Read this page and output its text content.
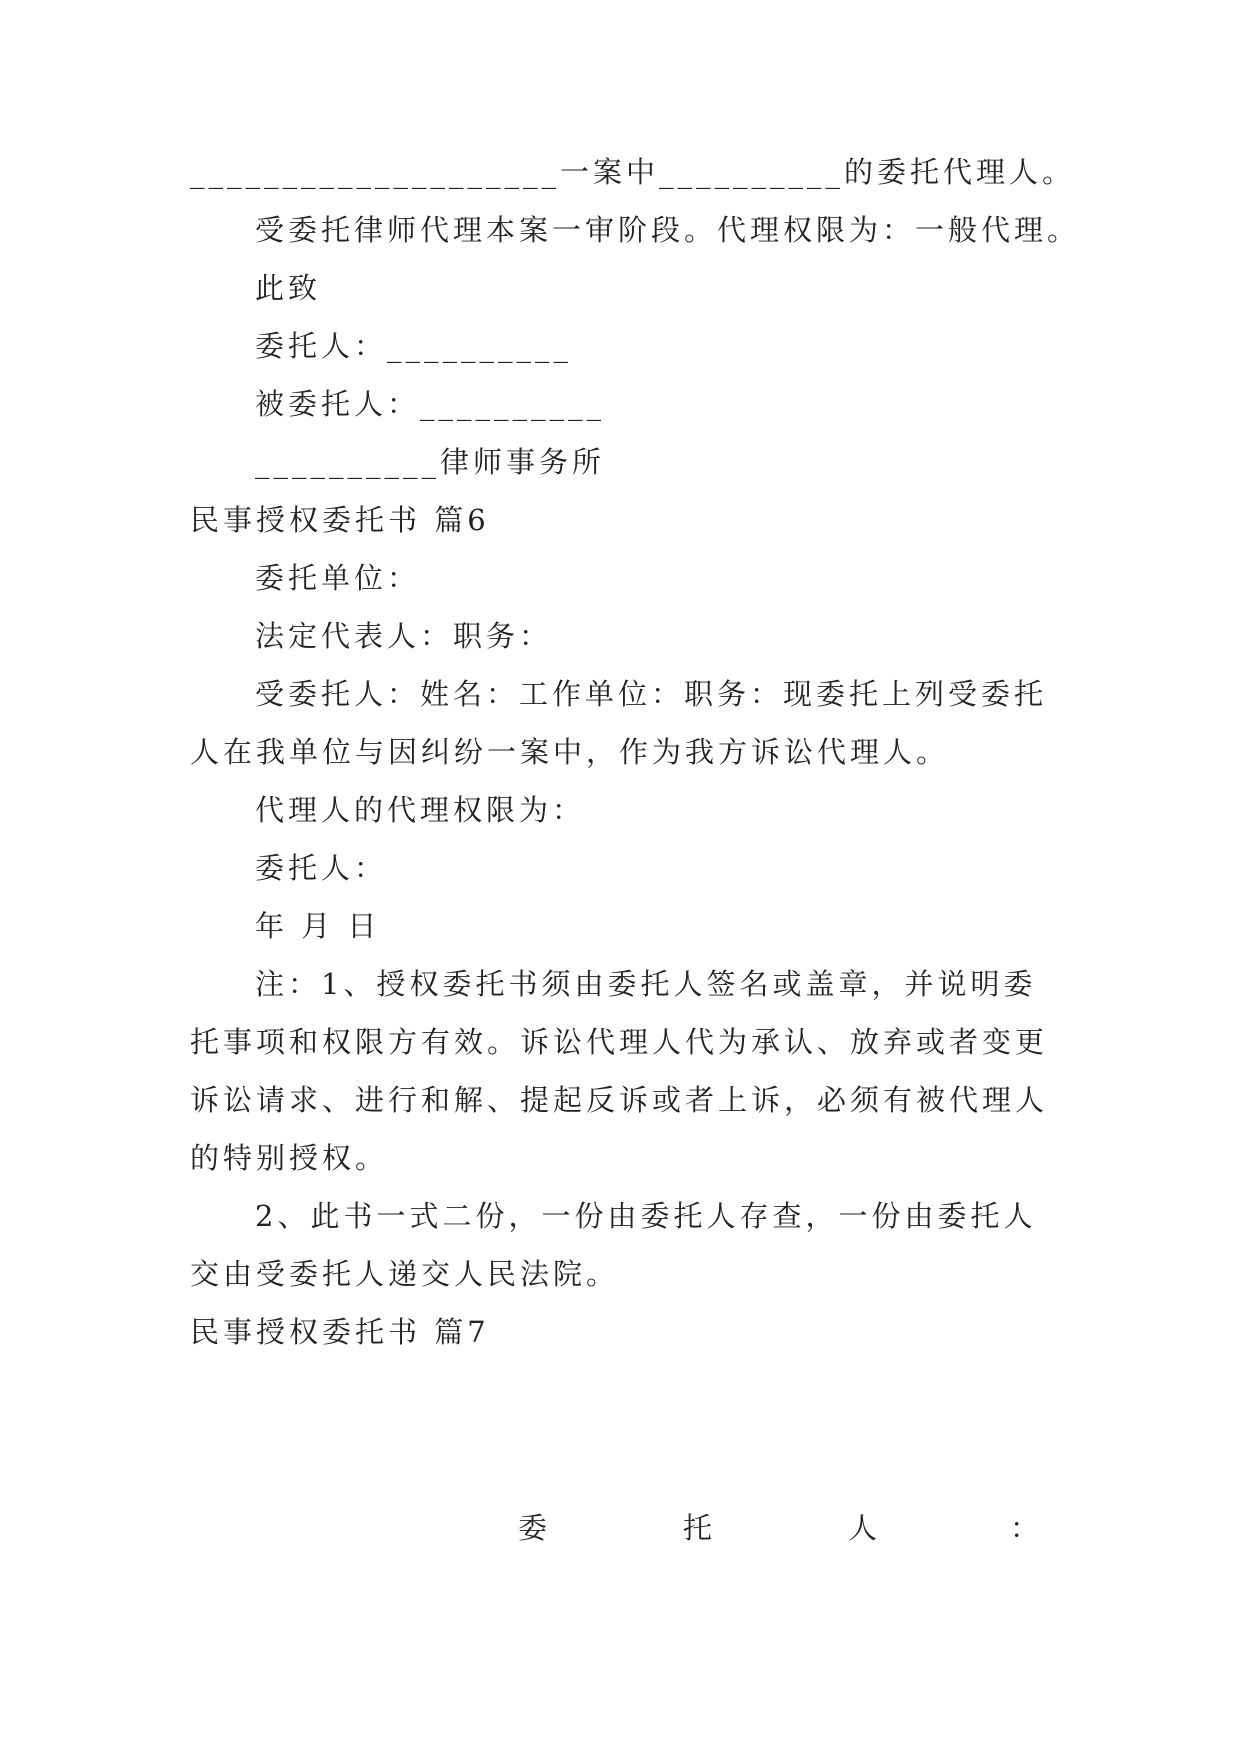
____________________一案中__________的委托代理人。
受委托律师代理本案一审阶段。代理权限为：一般代理。
此致
委托人：__________
被委托人：__________
__________律师事务所
民事授权委托书 篇6
委托单位：
法定代表人：职务：
受委托人：姓名：工作单位：职务：现委托上列受委托
人在我单位与因纠纷一案中，作为我方诉讼代理人。
代理人的代理权限为：
委托人：
年 月 日
注：1、授权委托书须由委托人签名或盖章，并说明委
托事项和权限方有效。诉讼代理人代为承认、放弃或者变更
诉讼请求、进行和解、提起反诉或者上诉，必须有被代理人
的特别授权。
2、此书一式二份，一份由委托人存查，一份由委托人
交由受委托人递交人民法院。
民事授权委托书 篇7
委	托	人	：
